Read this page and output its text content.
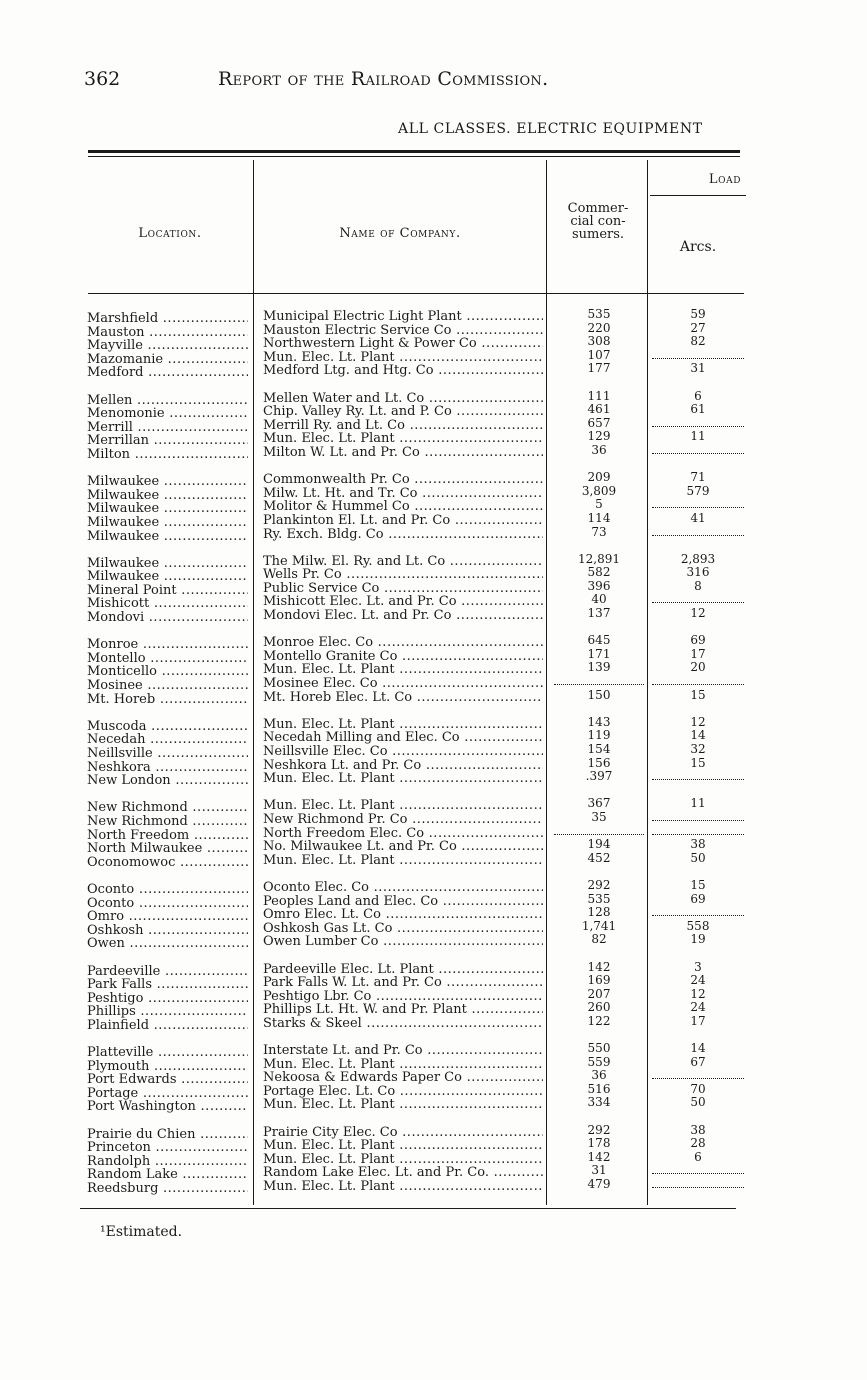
362	Report of the Railroad Commission.
ALL CLASSES. ELECTRIC EQUIPMENT
Location.	Name of Company.
Commer-
cial con-
sumers.
Load
Arcs.
Marshfield .....
Mauston .....
Mayville .....
Mazomanie .....
Medford .....
Mellen .....
Menomonie .....
Merrill .....
Merrillan .....
Milton .....
Milwaukee .....
Milwaukee .....
Milwaukee .....
Milwaukee .....
Milwaukee .....
Milwaukee .....
Milwaukee .....
Mineral Point .....
Mishicott .....
Mondovi .....
Monroe .....
Montello .....
Monticello .....
Mosinee .....
Mt. Horeb .....
Muscoda .....
Necedah .....
Neillsville .....
Neshkora .....
New London .....
New Richmond .....
New Richmond .....
North Freedom .....
North Milwaukee .....
Oconomowoc .....
Oconto .....
Oconto .....
Omro .....
Oshkosh .....
Owen .....
Pardeeville .....
Park Falls .....
Peshtigo .....
Phillips .....
Plainfield .....
Platteville .....
Plymouth .....
Port Edwards .....
Portage .....
Port Washington .....
Prairie du Chien .....
Princeton .....
Randolph .....
Random Lake .....
Reedsburg .....
Municipal Electric Light Plant .....
Mauston Electric Service Co .....
Northwestern Light & Power Co .....
Mun. Elec. Lt. Plant .....
Medford Ltg. and Htg. Co .....
Mellen Water and Lt. Co .....
Chip. Valley Ry. Lt. and P. Co .....
Merrill Ry. and Lt. Co .....
Mun. Elec. Lt. Plant .....
Milton W. Lt. and Pr. Co .....
Commonwealth Pr. Co .....
Milw. Lt. Ht. and Tr. Co .....
Molitor & Hummel Co .....
Plankinton El. Lt. and Pr. Co .....
Ry. Exch. Bldg. Co .....
The Milw. El. Ry. and Lt. Co .....
Wells Pr. Co .....
Public Service Co .....
Mishicott Elec. Lt. and Pr. Co .....
Mondovi Elec. Lt. and Pr. Co .....
Monroe Elec. Co .....
Montello Granite Co .....
Mun. Elec. Lt. Plant .....
Mosinee Elec. Co .....
Mt. Horeb Elec. Lt. Co .....
Mun. Elec. Lt. Plant .....
Necedah Milling and Elec. Co .....
Neillsville Elec. Co .....
Neshkora Lt. and Pr. Co .....
Mun. Elec. Lt. Plant .....
Mun. Elec. Lt. Plant .....
New Richmond Pr. Co .....
North Freedom Elec. Co .....
No. Milwaukee Lt. and Pr. Co .....
Mun. Elec. Lt. Plant .....
Oconto Elec. Co .....
Peoples Land and Elec. Co .....
Omro Elec. Lt. Co .....
Oshkosh Gas Lt. Co .....
Owen Lumber Co .....
Pardeeville Elec. Lt. Plant .....
Park Falls W. Lt. and Pr. Co .....
Peshtigo Lbr. Co .....
Phillips Lt. Ht. W. and Pr. Plant .....
Starks & Skeel .....
Interstate Lt. and Pr. Co .....
Mun. Elec. Lt. Plant .....
Nekoosa & Edwards Paper Co .....
Portage Elec. Lt. Co .....
Mun. Elec. Lt. Plant .....
Prairie City Elec. Co .....
Mun. Elec. Lt. Plant .....
Mun. Elec. Lt. Plant .....
Random Lake Elec. Lt. and Pr. Co. .....
Mun. Elec. Lt. Plant .....
535
220
308
107
177
111
461
657
129
36
209
3,809
5
114
73
12,891
582
396
40
137
645
171
139
150
143
119
154
156
.397
367
35
194
452
292
535
128
1,741
82
142
169
207
260
122
550
559
36
516
334
292
178
142
31
479
59
27
82
31
6
61
11
71
579
41
2,893
316
8
12
69
17
20
15
12
14
32
15
11
38
50
15
69
558
19
3
24
12
24
17
14
67
70
50
38
28
6
¹Estimated.
